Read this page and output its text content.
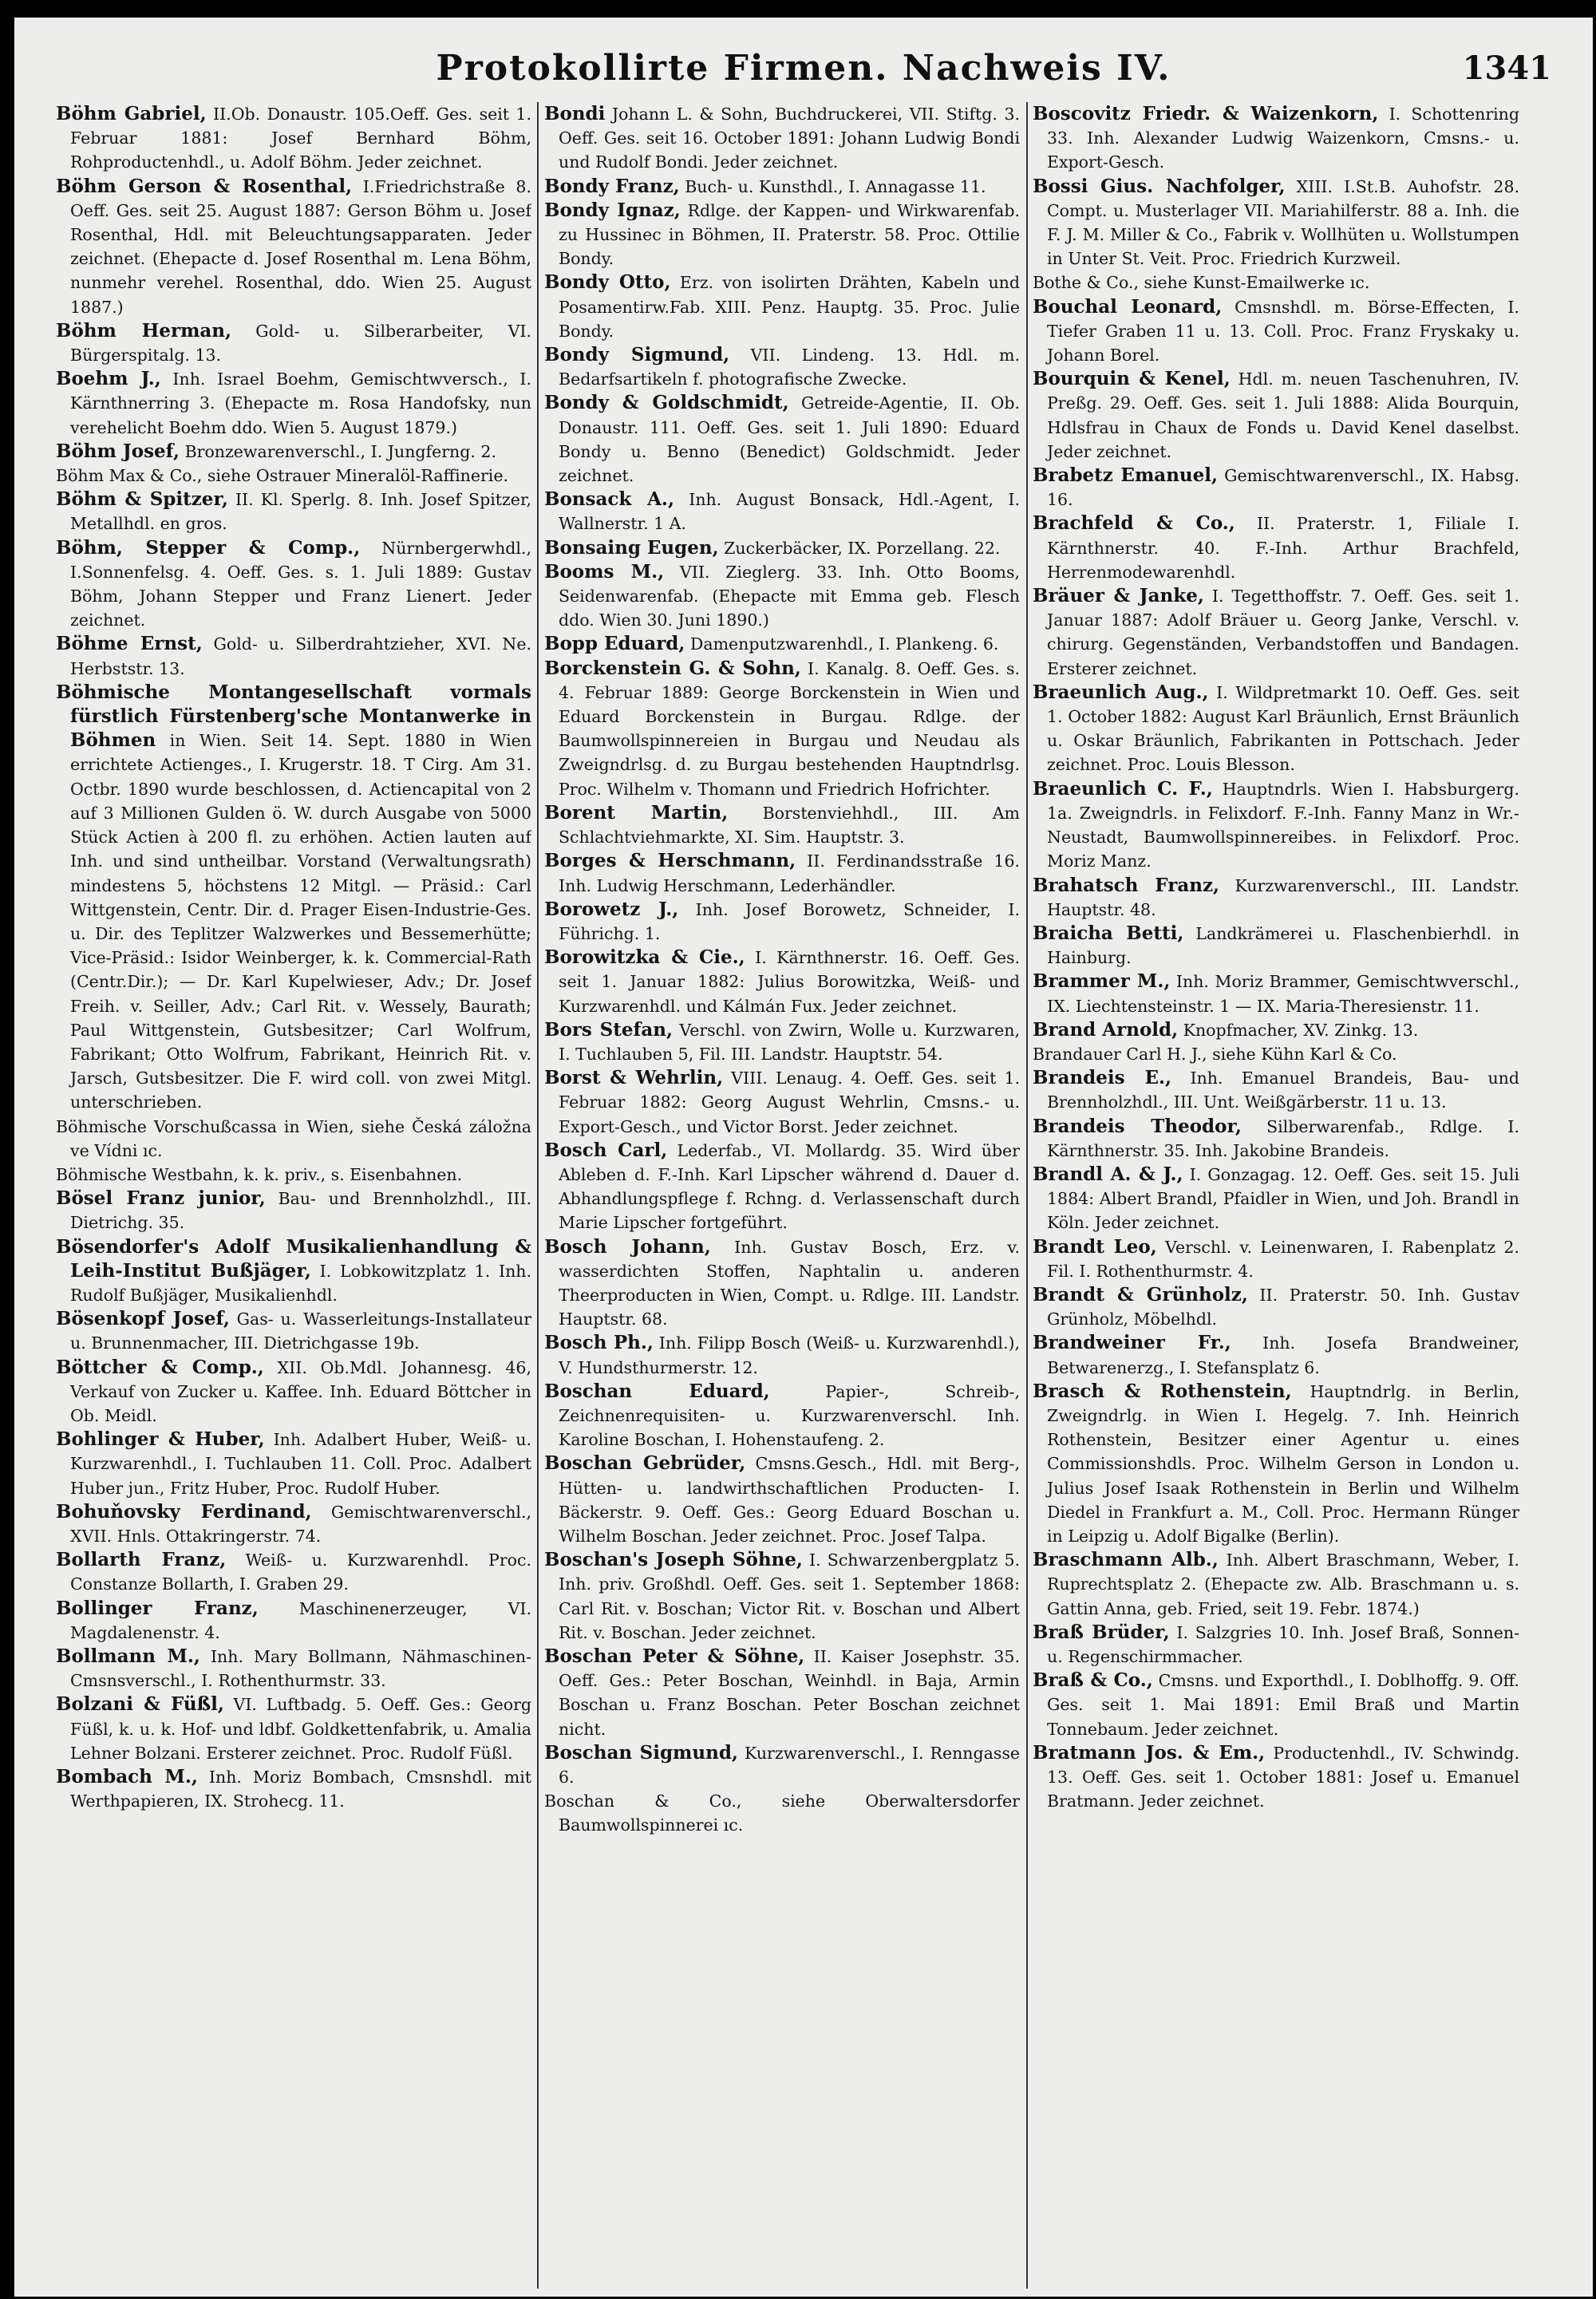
Protokollirte Firmen. Nachweis IV.	1341

Böhm Gabriel, II.Ob. Donaustr. 105.Oeff. Ges. seit 1. Februar 1881: Josef Bernhard Böhm, Rohproductenhdl., u. Adolf Böhm. Jeder zeichnet.

Böhm Gerson & Rosenthal, I.Friedrichstraße 8. Oeff. Ges. seit 25. August 1887: Gerson Böhm u. Josef Rosenthal, Hdl. mit Beleuchtungsapparaten. Jeder zeichnet. (Ehepacte d. Josef Rosenthal m. Lena Böhm, nunmehr verehel. Rosenthal, ddo. Wien 25. August 1887.)

Böhm Herman, Gold- u. Silberarbeiter, VI. Bürgerspitalg. 13.

Boehm J., Inh. Israel Boehm, Gemischtwversch., I. Kärnthnerring 3. (Ehepacte m. Rosa Handofsky, nun verehelicht Boehm ddo. Wien 5. August 1879.)

Böhm Josef, Bronzewarenverschl., I. Jungferng. 2.

Böhm Max & Co., siehe Ostrauer Mineralöl-Raffinerie.

Böhm & Spitzer, II. Kl. Sperlg. 8. Inh. Josef Spitzer, Metallhdl. en gros.

Böhm, Stepper & Comp., Nürnbergerwhdl., I.Sonnenfelsg. 4. Oeff. Ges. s. 1. Juli 1889: Gustav Böhm, Johann Stepper und Franz Lienert. Jeder zeichnet.

Böhme Ernst, Gold- u. Silberdrahtzieher, XVI. Ne. Herbststr. 13.

Böhmische Montangesellschaft vormals fürstlich Fürstenberg'sche Montanwerke in Böhmen in Wien. Seit 14. Sept. 1880 in Wien errichtete Actienges., I. Krugerstr. 18. T Cirg. Am 31. Octbr. 1890 wurde beschlossen, d. Actiencapital von 2 auf 3 Millionen Gulden ö. W. durch Ausgabe von 5000 Stück Actien à 200 fl. zu erhöhen. Actien lauten auf Inh. und sind untheilbar. Vorstand (Verwaltungsrath) mindestens 5, höchstens 12 Mitgl. — Präsid.: Carl Wittgenstein, Centr. Dir. d. Prager Eisen-Industrie-Ges. u. Dir. des Teplitzer Walzwerkes und Bessemerhütte; Vice-Präsid.: Isidor Weinberger, k. k. Commercial-Rath (Centr.Dir.); — Dr. Karl Kupelwieser, Adv.; Dr. Josef Freih. v. Seiller, Adv.; Carl Rit. v. Wessely, Baurath; Paul Wittgenstein, Gutsbesitzer; Carl Wolfrum, Fabrikant; Otto Wolfrum, Fabrikant, Heinrich Rit. v. Jarsch, Gutsbesitzer. Die F. wird coll. von zwei Mitgl. unterschrieben.

Böhmische Vorschußcassa in Wien, siehe Česká záložna ve Vídni ıc.

Böhmische Westbahn, k. k. priv., s. Eisenbahnen.

Bösel Franz junior, Bau- und Brennholzhdl., III. Dietrichg. 35.

Bösendorfer's Adolf Musikalienhandlung & Leih-Institut Bußjäger, I. Lobkowitzplatz 1. Inh. Rudolf Bußjäger, Musikalienhdl.

Bösenkopf Josef, Gas- u. Wasserleitungs-Installateur u. Brunnenmacher, III. Dietrichgasse 19b.

Böttcher & Comp., XII. Ob.Mdl. Johannesg. 46, Verkauf von Zucker u. Kaffee. Inh. Eduard Böttcher in Ob. Meidl.

Bohlinger & Huber, Inh. Adalbert Huber, Weiß- u. Kurzwarenhdl., I. Tuchlauben 11. Coll. Proc. Adalbert Huber jun., Fritz Huber, Proc. Rudolf Huber.

Bohuňovsky Ferdinand, Gemischtwarenverschl., XVII. Hnls. Ottakringerstr. 74.

Bollarth Franz, Weiß- u. Kurzwarenhdl. Proc. Constanze Bollarth, I. Graben 29.

Bollinger Franz, Maschinenerzeuger, VI. Magdalenenstr. 4.

Bollmann M., Inh. Mary Bollmann, Nähmaschinen-Cmsnsverschl., I. Rothenthurmstr. 33.

Bolzani & Füßl, VI. Luftbadg. 5. Oeff. Ges.: Georg Füßl, k. u. k. Hof- und ldbf. Goldkettenfabrik, u. Amalia Lehner Bolzani. Ersterer zeichnet. Proc. Rudolf Füßl.

Bombach M., Inh. Moriz Bombach, Cmsnshdl. mit Werthpapieren, IX. Strohecg. 11.

Bondi Johann L. & Sohn, Buchdruckerei, VII. Stiftg. 3. Oeff. Ges. seit 16. October 1891: Johann Ludwig Bondi und Rudolf Bondi. Jeder zeichnet.

Bondy Franz, Buch- u. Kunsthdl., I. Annagasse 11.

Bondy Ignaz, Rdlge. der Kappen- und Wirkwarenfab. zu Hussinec in Böhmen, II. Praterstr. 58. Proc. Ottilie Bondy.

Bondy Otto, Erz. von isolirten Drähten, Kabeln und Posamentirw.Fab. XIII. Penz. Hauptg. 35. Proc. Julie Bondy.

Bondy Sigmund, VII. Lindeng. 13. Hdl. m. Bedarfsartikeln f. photografische Zwecke.

Bondy & Goldschmidt, Getreide-Agentie, II. Ob. Donaustr. 111. Oeff. Ges. seit 1. Juli 1890: Eduard Bondy u. Benno (Benedict) Goldschmidt. Jeder zeichnet.

Bonsack A., Inh. August Bonsack, Hdl.-Agent, I. Wallnerstr. 1 A.

Bonsaing Eugen, Zuckerbäcker, IX. Porzellang. 22.

Booms M., VII. Zieglerg. 33. Inh. Otto Booms, Seidenwarenfab. (Ehepacte mit Emma geb. Flesch ddo. Wien 30. Juni 1890.)

Bopp Eduard, Damenputzwarenhdl., I. Plankeng. 6.

Borckenstein G. & Sohn, I. Kanalg. 8. Oeff. Ges. s. 4. Februar 1889: George Borckenstein in Wien und Eduard Borckenstein in Burgau. Rdlge. der Baumwollspinnereien in Burgau und Neudau als Zweigndrlsg. d. zu Burgau bestehenden Hauptndrlsg. Proc. Wilhelm v. Thomann und Friedrich Hofrichter.

Borent Martin, Borstenviehhdl., III. Am Schlachtviehmarkte, XI. Sim. Hauptstr. 3.

Borges & Herschmann, II. Ferdinandsstraße 16. Inh. Ludwig Herschmann, Lederhändler.

Borowetz J., Inh. Josef Borowetz, Schneider, I. Führichg. 1.

Borowitzka & Cie., I. Kärnthnerstr. 16. Oeff. Ges. seit 1. Januar 1882: Julius Borowitzka, Weiß- und Kurzwarenhdl. und Kálmán Fux. Jeder zeichnet.

Bors Stefan, Verschl. von Zwirn, Wolle u. Kurzwaren, I. Tuchlauben 5, Fil. III. Landstr. Hauptstr. 54.

Borst & Wehrlin, VIII. Lenaug. 4. Oeff. Ges. seit 1. Februar 1882: Georg August Wehrlin, Cmsns.- u. Export-Gesch., und Victor Borst. Jeder zeichnet.

Bosch Carl, Lederfab., VI. Mollardg. 35. Wird über Ableben d. F.-Inh. Karl Lipscher während d. Dauer d. Abhandlungspflege f. Rchng. d. Verlassenschaft durch Marie Lipscher fortgeführt.

Bosch Johann, Inh. Gustav Bosch, Erz. v. wasserdichten Stoffen, Naphtalin u. anderen Theerproducten in Wien, Compt. u. Rdlge. III. Landstr. Hauptstr. 68.

Bosch Ph., Inh. Filipp Bosch (Weiß- u. Kurzwarenhdl.), V. Hundsthurmerstr. 12.

Boschan Eduard, Papier-, Schreib-, Zeichnenrequisiten- u. Kurzwarenverschl. Inh. Karoline Boschan, I. Hohenstaufeng. 2.

Boschan Gebrüder, Cmsns.Gesch., Hdl. mit Berg-, Hütten- u. landwirthschaftlichen Producten- I. Bäckerstr. 9. Oeff. Ges.: Georg Eduard Boschan u. Wilhelm Boschan. Jeder zeichnet. Proc. Josef Talpa.

Boschan's Joseph Söhne, I. Schwarzenbergplatz 5. Inh. priv. Großhdl. Oeff. Ges. seit 1. September 1868: Carl Rit. v. Boschan; Victor Rit. v. Boschan und Albert Rit. v. Boschan. Jeder zeichnet.

Boschan Peter & Söhne, II. Kaiser Josephstr. 35. Oeff. Ges.: Peter Boschan, Weinhdl. in Baja, Armin Boschan u. Franz Boschan. Peter Boschan zeichnet nicht.

Boschan Sigmund, Kurzwarenverschl., I. Renngasse 6.

Boschan & Co., siehe Oberwaltersdorfer Baumwollspinnerei ıc.

Boscovitz Friedr. & Waizenkorn, I. Schottenring 33. Inh. Alexander Ludwig Waizenkorn, Cmsns.- u. Export-Gesch.

Bossi Gius. Nachfolger, XIII. I.St.B. Auhofstr. 28. Compt. u. Musterlager VII. Mariahilferstr. 88 a. Inh. die F. J. M. Miller & Co., Fabrik v. Wollhüten u. Wollstumpen in Unter St. Veit. Proc. Friedrich Kurzweil.

Bothe & Co., siehe Kunst-Emailwerke ıc.

Bouchal Leonard, Cmsnshdl. m. Börse-Effecten, I. Tiefer Graben 11 u. 13. Coll. Proc. Franz Fryskaky u. Johann Borel.

Bourquin & Kenel, Hdl. m. neuen Taschenuhren, IV. Preßg. 29. Oeff. Ges. seit 1. Juli 1888: Alida Bourquin, Hdlsfrau in Chaux de Fonds u. David Kenel daselbst. Jeder zeichnet.

Brabetz Emanuel, Gemischtwarenverschl., IX. Habsg. 16.

Brachfeld & Co., II. Praterstr. 1, Filiale I. Kärnthnerstr. 40. F.-Inh. Arthur Brachfeld, Herrenmodewarenhdl.

Bräuer & Janke, I. Tegetthoffstr. 7. Oeff. Ges. seit 1. Januar 1887: Adolf Bräuer u. Georg Janke, Verschl. v. chirurg. Gegenständen, Verbandstoffen und Bandagen. Ersterer zeichnet.

Braeunlich Aug., I. Wildpretmarkt 10. Oeff. Ges. seit 1. October 1882: August Karl Bräunlich, Ernst Bräunlich u. Oskar Bräunlich, Fabrikanten in Pottschach. Jeder zeichnet. Proc. Louis Blesson.

Braeunlich C. F., Hauptndrls. Wien I. Habsburgerg. 1a. Zweigndrls. in Felixdorf. F.-Inh. Fanny Manz in Wr.-Neustadt, Baumwollspinnereibes. in Felixdorf. Proc. Moriz Manz.

Brahatsch Franz, Kurzwarenverschl., III. Landstr. Hauptstr. 48.

Braicha Betti, Landkrämerei u. Flaschenbierhdl. in Hainburg.

Brammer M., Inh. Moriz Brammer, Gemischtwverschl., IX. Liechtensteinstr. 1 — IX. Maria-Theresienstr. 11.

Brand Arnold, Knopfmacher, XV. Zinkg. 13.

Brandauer Carl H. J., siehe Kühn Karl & Co.

Brandeis E., Inh. Emanuel Brandeis, Bau- und Brennholzhdl., III. Unt. Weißgärberstr. 11 u. 13.

Brandeis Theodor, Silberwarenfab., Rdlge. I. Kärnthnerstr. 35. Inh. Jakobine Brandeis.

Brandl A. & J., I. Gonzagag. 12. Oeff. Ges. seit 15. Juli 1884: Albert Brandl, Pfaidler in Wien, und Joh. Brandl in Köln. Jeder zeichnet.

Brandt Leo, Verschl. v. Leinenwaren, I. Rabenplatz 2. Fil. I. Rothenthurmstr. 4.

Brandt & Grünholz, II. Praterstr. 50. Inh. Gustav Grünholz, Möbelhdl.

Brandweiner Fr., Inh. Josefa Brandweiner, Betwarenerzg., I. Stefansplatz 6.

Brasch & Rothenstein, Hauptndrlg. in Berlin, Zweigndrlg. in Wien I. Hegelg. 7. Inh. Heinrich Rothenstein, Besitzer einer Agentur u. eines Commissionshdls. Proc. Wilhelm Gerson in London u. Julius Josef Isaak Rothenstein in Berlin und Wilhelm Diedel in Frankfurt a. M., Coll. Proc. Hermann Rünger in Leipzig u. Adolf Bigalke (Berlin).

Braschmann Alb., Inh. Albert Braschmann, Weber, I. Ruprechtsplatz 2. (Ehepacte zw. Alb. Braschmann u. s. Gattin Anna, geb. Fried, seit 19. Febr. 1874.)

Braß Brüder, I. Salzgries 10. Inh. Josef Braß, Sonnen- u. Regenschirmmacher.

Braß & Co., Cmsns. und Exporthdl., I. Doblhoffg. 9. Off. Ges. seit 1. Mai 1891: Emil Braß und Martin Tonnebaum. Jeder zeichnet.

Bratmann Jos. & Em., Productenhdl., IV. Schwindg. 13. Oeff. Ges. seit 1. October 1881: Josef u. Emanuel Bratmann. Jeder zeichnet.
